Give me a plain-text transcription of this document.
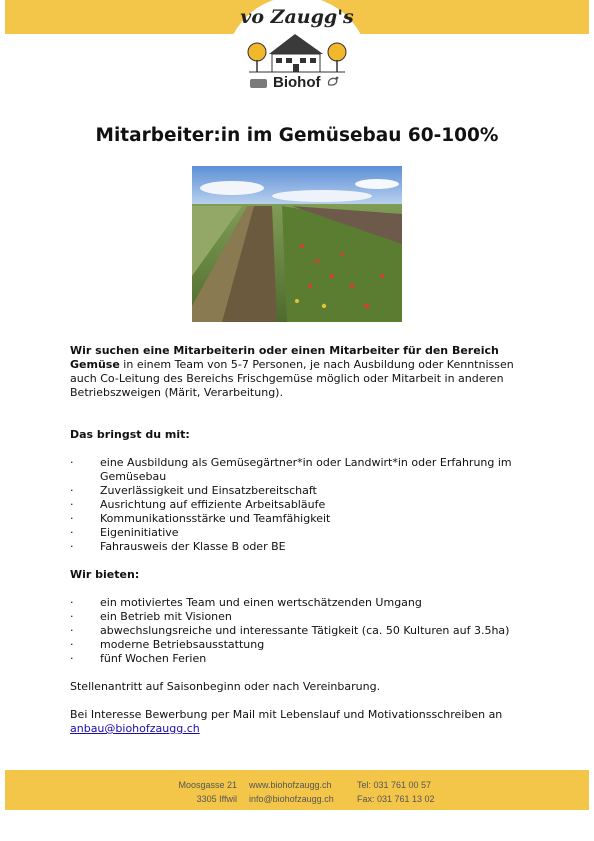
vo Zaugg's
Biohof
Mitarbeiter:in im Gemüsebau 60-100%

Wir suchen eine Mitarbeiterin oder einen Mitarbeiter für den Bereich Gemüse in einem Team von 5-7 Personen, je nach Ausbildung oder Kenntnissen auch Co-Leitung des Bereichs Frischgemüse möglich oder Mitarbeit in anderen Betriebszweigen (Märit, Verarbeitung).

Das bringst du mit:

· eine Ausbildung als Gemüsegärtner*in oder Landwirt*in oder Erfahrung im Gemüsebau
· Zuverlässigkeit und Einsatzbereitschaft
· Ausrichtung auf effiziente Arbeitsabläufe
· Kommunikationsstärke und Teamfähigkeit
· Eigeninitiative
· Fahrausweis der Klasse B oder BE

Wir bieten:

· ein motiviertes Team und einen wertschätzenden Umgang
· ein Betrieb mit Visionen
· abwechslungsreiche und interessante Tätigkeit (ca. 50 Kulturen auf 3.5ha)
· moderne Betriebsausstattung
· fünf Wochen Ferien

Stellenantritt auf Saisonbeginn oder nach Vereinbarung.

Bei Interesse Bewerbung per Mail mit Lebenslauf und Motivationsschreiben an
anbau@biohofzaugg.ch

Moosgasse 21
3305 Iffwil
www.biohofzaugg.ch
info@biohofzaugg.ch
Tel: 031 761 00 57
Fax: 031 761 13 02
